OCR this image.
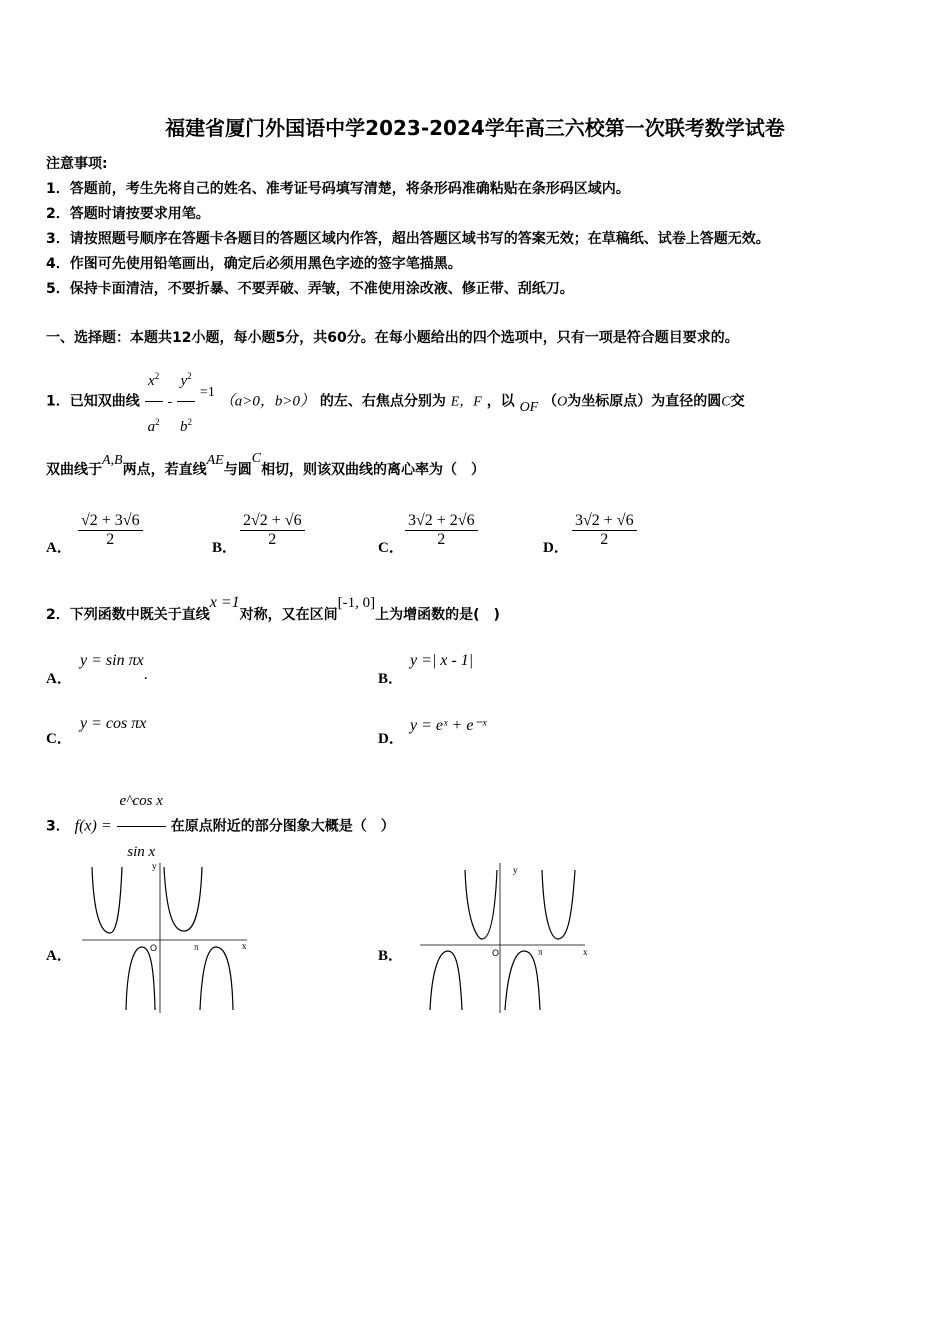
福建省厦门外国语中学2023-2024学年高三六校第一次联考数学试卷
注意事项:
1．答题前，考生先将自己的姓名、准考证号码填写清楚，将条形码准确粘贴在条形码区域内。
2．答题时请按要求用笔。
3．请按照题号顺序在答题卡各题目的答题区域内作答，超出答题区域书写的答案无效；在草稿纸、试卷上答题无效。
4．作图可先使用铅笔画出，确定后必须用黑色字迹的签字笔描黑。
5．保持卡面清洁，不要折暴、不要弄破、弄皱，不准使用涂改液、修正带、刮纸刀。
一、选择题：本题共12小题，每小题5分，共60分。在每小题给出的四个选项中，只有一项是符合题目要求的。
1．已知双曲线 $\frac{x^2}{a^2} - \frac{y^2}{b^2} =1$ （a>0，b>0） 的左、右焦点分别为 E，F ，以 OF （O为坐标原点）为直径的圆C交
双曲线于A,B两点，若直线AE与圆C相切，则该双曲线的离心率为（　）
A． $\frac{√2 + 3√6}{2}$	B． $\frac{2√2 + √6}{2}$	C． $\frac{3√2 + 2√6}{2}$	D． $\frac{3√2 + √6}{2}$
2．下列函数中既关于直线x =1对称，又在区间[-1, 0]上为增函数的是(　)
A．
y = sin πx.	B．
y =| x - 1|
C．
y = cos πx
D．
y = eˣ + e⁻ˣ
3． $f(x) = \frac{\text{e\textasciicircum{}cos x}}{\text{sin x}}$ 在原点附近的部分图象大概是（　）
A．
y
x
O	π
B．
y
x
O	π
